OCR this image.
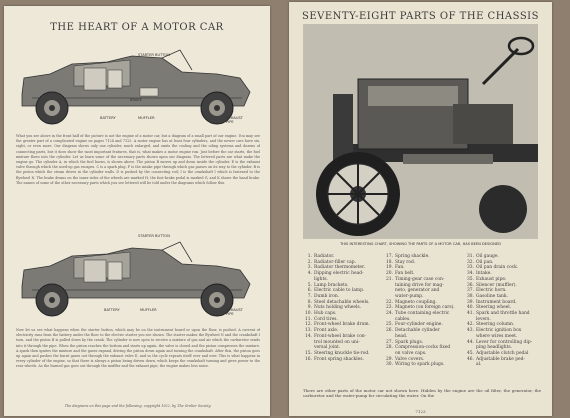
THE HEART OF A MOTOR CAR
STARTER BUTTON
BRAKE
BATTERY	MUFFLER	EXHAUST PIPE

What you see above in the front half of the picture is not the engine of a motor car, but a diagram of a small part of our engine. You may see the greater part of a complicated engine on pages 7124 and 7125. A motor engine has at least four cylinders, and the newer cars have six, eight, or even more. Our diagram shows only one cylinder, much enlarged, and omits the cooling and the oiling systems and dozens of connecting parts, but it does show the most important features, that is, what makes a motor engine run. Just before the car starts, the fuel mixture flows into the cylinder. Let us learn some of the necessary parts shown upon our diagram. The lettered parts are what make the engine go. The cylinder A, in which the fuel burns, is shown above. The piston B moves up and down inside the cylinder. E is the exhaust valve through which the used-up gas escapes. C is a spark plug. F is the intake pipe through which gas passes on its way to the cylinder. B is the piston which the steam drives in the cylinder walls. D is pushed by the connecting rod; I is the crankshaft I which is fastened to the flywheel N. The brake drums on the inner sides of the wheels are marked H; the foot-brake pedal is marked G, and K shows the hand brake. The names of some of the other necessary parts which you see lettered will be told under the diagrams which follow this.

STARTER BUTTON
BATTERY	MUFFLER	EXHAUST PIPE

Now let us see what happens when the starter button, which may be on the instrument board or upon the floor, is pushed. A current of electricity runs from the battery under the floor to the electric starter you see shown. The starter makes the flywheel N and the crankshaft I turn, and the piston B is pulled down by the crank. The cylinder is now open to receive a mixture of gas and air which the carburetor sends into it through the pipe. When the piston reaches the bottom and starts up again, the valve is closed and the piston compresses the mixture. A spark then ignites the mixture and the gases expand, driving the piston down again and turning the crankshaft. After this, the piston goes up again and pushes the burnt gases out through the exhaust valve E, and so the cycle repeats itself over and over. This is what happens in every cylinder of the engine, so that there is always a piston being driven down, which keeps the crankshaft turning and gives power to the rear wheels. As the burned gas goes out through the muffler and the exhaust pipe, the engine makes less noise.

The diagrams on this page and the following, copyright 1922, by The Grolier Society.
SEVENTY-EIGHT PARTS OF THE CHASSIS
THIS INTERESTING CHART, SHOWING THE PARTS OF A MOTOR CAR, HAS BEEN DESIGNED
1. Radiator.
2. Radiator-filler cap.
3. Radiator thermometer.
4. Dipping electric head-
lights.
5. Lamp brackets.
6. Electric cable to lamp.
7. Dumb iron.
8. Steel detachable wheels.
9. Nuts holding wheels.
10. Hub caps.
11. Cord tires.
12. Front-wheel brake drum.
13. Front axle.
14. Front-wheel brake con-
trol mounted on uni-
versal joint.
15. Steering knuckle tie-rod.
16. Front spring shackles.
17. Spring shackle.
18. Stay rod.
19. Fan.
20. Fan belt.
21. Timing-gear case con-
taining drive for mag-
neto, generator and
water-pump.
22. Magneto coupling.
23. Magneto (on foreign cars).
24. Tube containing electric
cables.
25. Four-cylinder engine.
26. Detachable cylinder
head.
27. Spark plugs.
28. Compression-cocks fixed
on valve caps.
29. Valve covers.
30. Wiring to spark plugs.
31. Oil gauge.
32. Oil pan.
33. Oil pan drain cock.
34. Intake.
35. Exhaust pipe.
36. Silencer (muffler).
37. Electric horn.
38. Gasoline tank.
39. Instrument board.
40. Steering wheel.
41. Spark and throttle hand
levers.
42. Steering column.
43. Electric ignition box
where wires meet.
44. Lever for controlling dip-
ping headlights.
45. Adjustable clutch pedal
46. Adjustable brake ped-
al.

There are other parts of the motor car not shown here. Hidden by the engine are the oil filter, the generator, the carburetor and the water-pump for circulating the water. On the

7123
